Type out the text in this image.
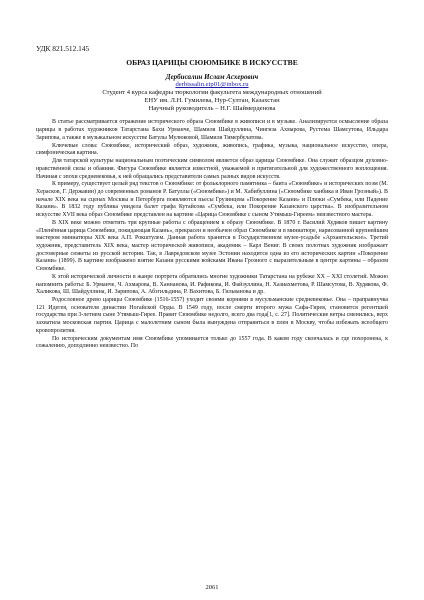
УДК 821.512.145
ОБРАЗ ЦАРИЦЫ СЮЮМБИКЕ В ИСКУССТВЕ
Дербисалин Ислам Асхерович
derbissalin.eip01@inbox.ru
Студент 4 курса кафедры тюркологии факультета международных отношений
ЕНУ им. Л.Н. Гумилева, Нур-Султан, Казахстан
Научный руководитель – Н.Г. Шаймерденова

В статье рассматривается отражение исторического образа Сююмбике в живописи и в музыке. Анализируется осмысление образа царицы в работах художников Татарстана Бахи Урманче, Шамиля Шайдуллина, Чингиза Ахмарова, Рустема Шамсутова, Ильдара Зарипова, а также в музыкальном искусстве Батулы Мулюковой, Шамиля Тимербулатова.

Ключевые слова: Сююмбике, исторический образ, художник, живопись, графика, музыка, национальное искусство, опера, симфоническая картина.

Для татарской культуры национальным поэтическим символом является образ царицы Сююмбике. Она служит образцом духовно- нравственной силы и обаяния. Фигура Сююмбике является известной, уважаемой и притягательной для художественного воплощения. Начиная с эпохи средневековья, к ней обращались представители самых разных видов искусств.

К примеру, существует целый ряд текстов о Сююмбике: от фольклорного памятника – баита «Сююмбике» и исторических поэм (М. Херасков, Г. Державин) до современных романов Р. Батуллы («Сююмбике») и М. Хабибуллина («Сююмбике ханбика и Иван Грозный»). В начале XIX века на сценах Москвы и Петербурга появляются пьесы Грузинцева «Покорение Казани» и Плюки «Сумбека, или Падение Казани». В 1832 году публика увидела балет графа Кутайсова «Сумбека, или Покорение Казанского царства». В изобразительном искусстве XVII века образ Сююмбике представлен на картине «Царица Сююмбике с сыном Утямыш-Гиреем» неизвестного мастера.

В XIX веке можно отметить три крупные работы с обращением к образу Сююмбике. В 1870 г. Василий Худяков пишет картину «Пленённая царица Сююмбике, покидающая Казань», прекрасен и необычен образ Сююмбике и в миниатюре, нарисованной крупнейшим мастером миниатюры XIX века А.П. Рокштулем. Данная работа хранится в Государственном музее-усадьбе «Архангельское». Третий художник, представитель XIX века, мастер исторической живописи, академик – Карл Вениг. В своих полотнах художник изображает достоверные сюжеты из русской истории. Так, в Лавредовском музее Эстонии находится одна из его исторических картин «Покорение Казани» (1899). В картине изображено взятие Казани русскими войсками Ивана Грозного с выразительным в центре картины – образом Сююмбике.

К этой исторической личности в жанре портрета обратились многие художники Татарстана на рубеже XX – XXI столетий. Можно напомнить работы: Б. Урманче, Ч. Ахмарова, В. Ханнанова, И. Рафикова, И. Файзуллина, Н. Хазиахметова, Р. Шамсутова, В. Худякова, Ф. Халикова, Ш. Шайдуллина, И. Зарипова, А. Абзгильдина, Р. Вахитова, Б. Гильванова и др.

Родословное древо царицы Сююмбике (1516-1557) уходит своими корнями в мусульманские средневековье. Она – праправнучка 121 Идегея, основателя династии Ногайской Орды. В 1549 году, после смерти второго мужа Сафа-Гирея, становится регентшей государства при 3-летнем сыне Утямыш-Гирее. Правит Сююмбике недолго, всего два года[1, с. 27]. Политические ветры сменились, верх захватила московская партия. Царица с малолетним сыном была вынуждена отправиться в плен в Москву, чтобы избежать всеобщего кровопролития.

По историческим документам имя Сююмбике упоминается только до 1557 года. В каком году скончалась и где похоронена, к сожалению, доподлинно неизвестно. По

2061
